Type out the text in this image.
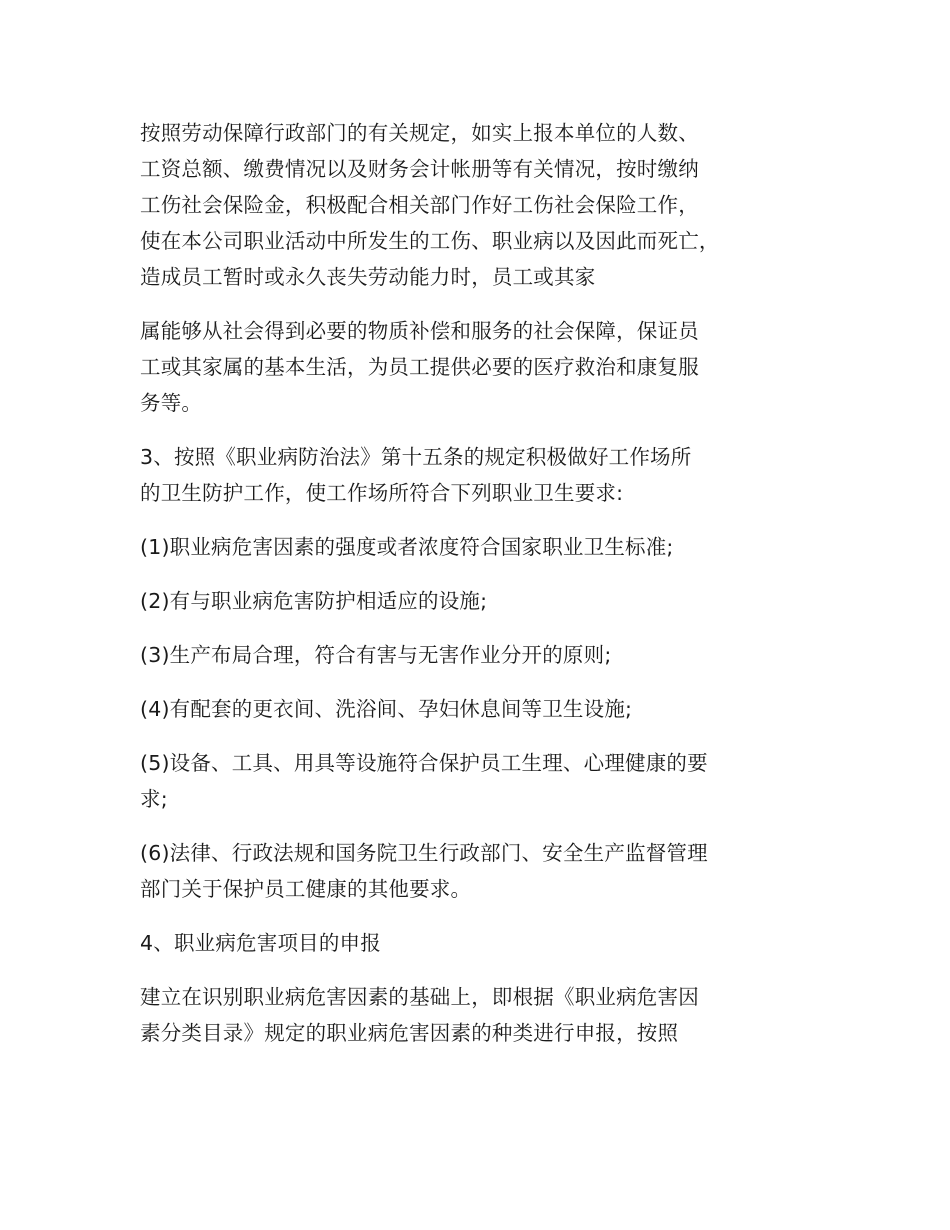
按照劳动保障行政部门的有关规定，如实上报本单位的人数、
工资总额、缴费情况以及财务会计帐册等有关情况，按时缴纳
工伤社会保险金，积极配合相关部门作好工伤社会保险工作，
使在本公司职业活动中所发生的工伤、职业病以及因此而死亡，
造成员工暂时或永久丧失劳动能力时，员工或其家

属能够从社会得到必要的物质补偿和服务的社会保障，保证员
工或其家属的基本生活，为员工提供必要的医疗救治和康复服
务等。

3、按照《职业病防治法》第十五条的规定积极做好工作场所
的卫生防护工作，使工作场所符合下列职业卫生要求:

(1)职业病危害因素的强度或者浓度符合国家职业卫生标准;

(2)有与职业病危害防护相适应的设施;

(3)生产布局合理，符合有害与无害作业分开的原则;

(4)有配套的更衣间、洗浴间、孕妇休息间等卫生设施;

(5)设备、工具、用具等设施符合保护员工生理、心理健康的要
求;

(6)法律、行政法规和国务院卫生行政部门、安全生产监督管理
部门关于保护员工健康的其他要求。

4、职业病危害项目的申报

建立在识别职业病危害因素的基础上，即根据《职业病危害因
素分类目录》规定的职业病危害因素的种类进行申报，按照
